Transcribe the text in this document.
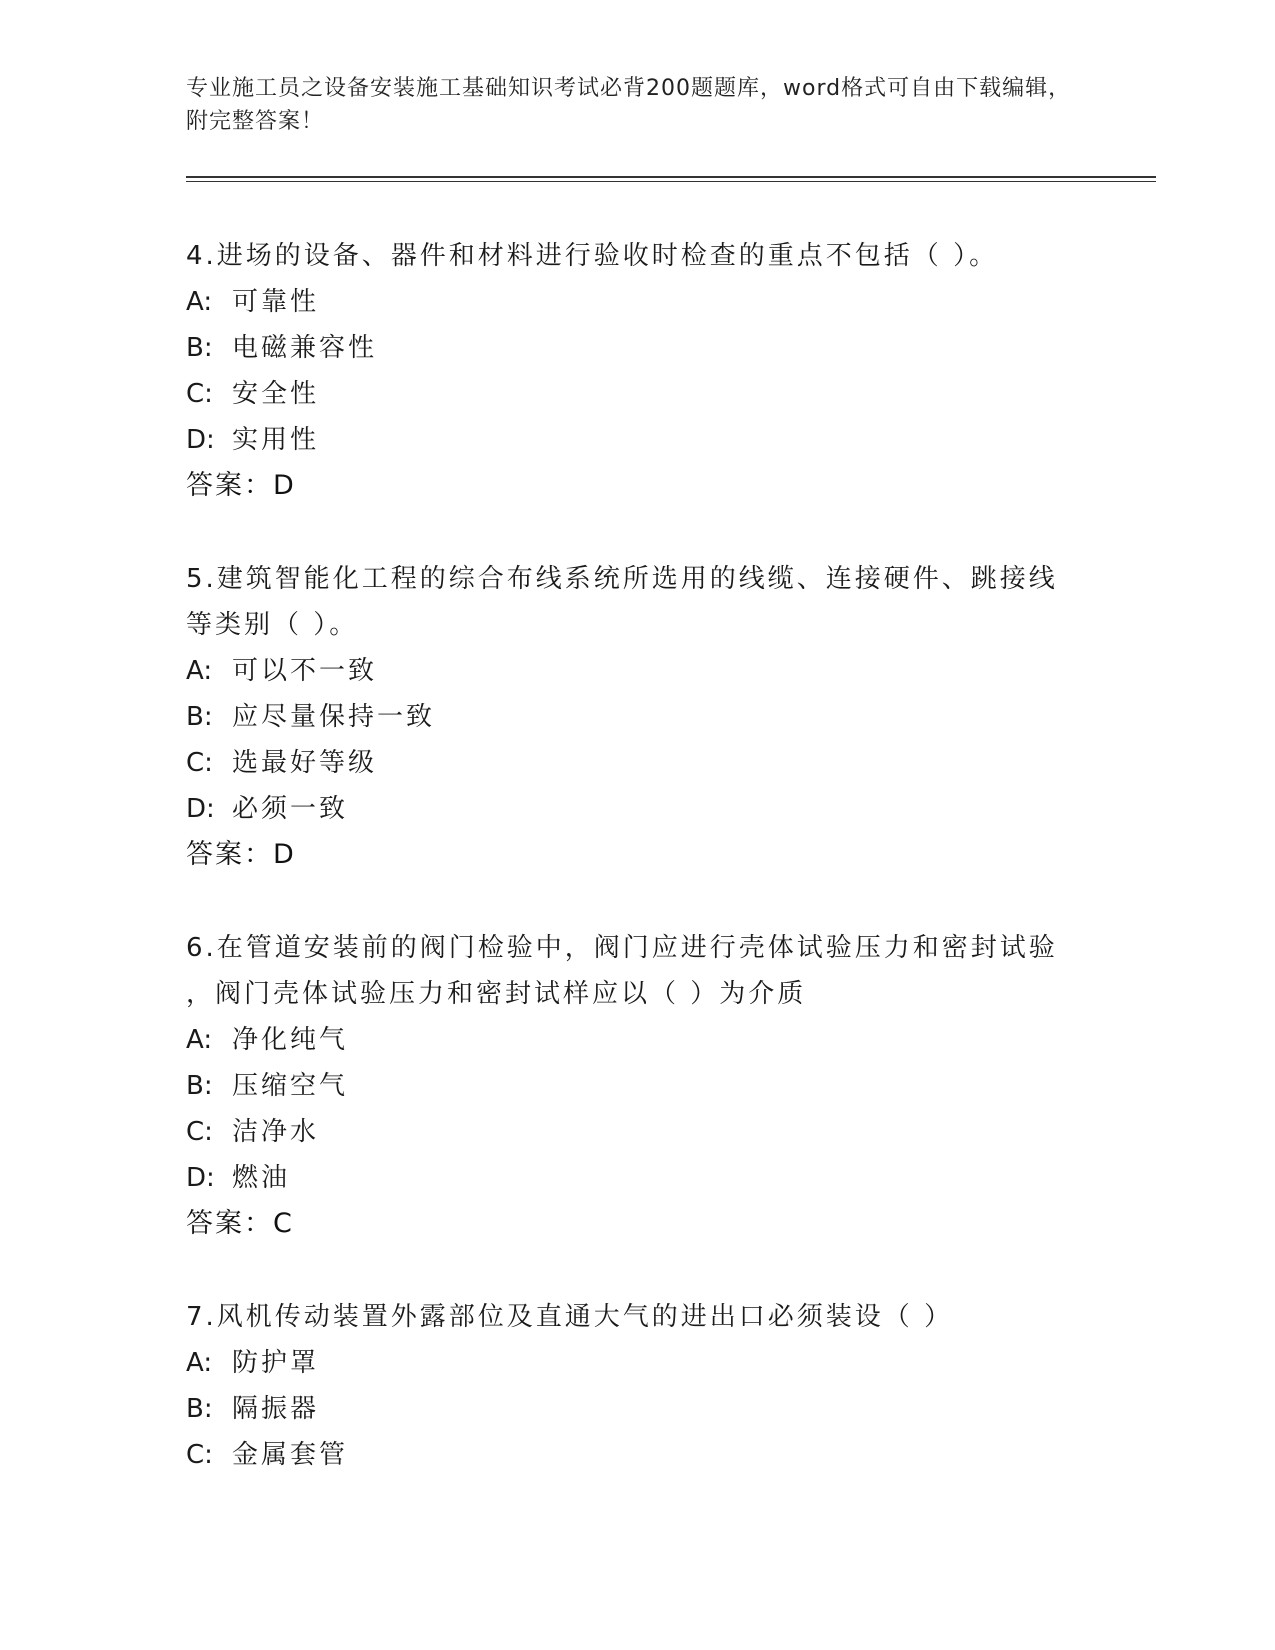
专业施工员之设备安装施工基础知识考试必背200题题库，word格式可自由下载编辑，附完整答案！
4.进场的设备、器件和材料进行验收时检查的重点不包括（ ）。
A: 可靠性
B: 电磁兼容性
C: 安全性
D: 实用性
答案：D
5.建筑智能化工程的综合布线系统所选用的线缆、连接硬件、跳接线
等类别（ ）。
A: 可以不一致
B: 应尽量保持一致
C: 选最好等级
D: 必须一致
答案：D
6.在管道安装前的阀门检验中，阀门应进行壳体试验压力和密封试验
，阀门壳体试验压力和密封试样应以（ ）为介质
A: 净化纯气
B: 压缩空气
C: 洁净水
D: 燃油
答案：C
7.风机传动装置外露部位及直通大气的进出口必须装设（ ）
A: 防护罩
B: 隔振器
C: 金属套管
